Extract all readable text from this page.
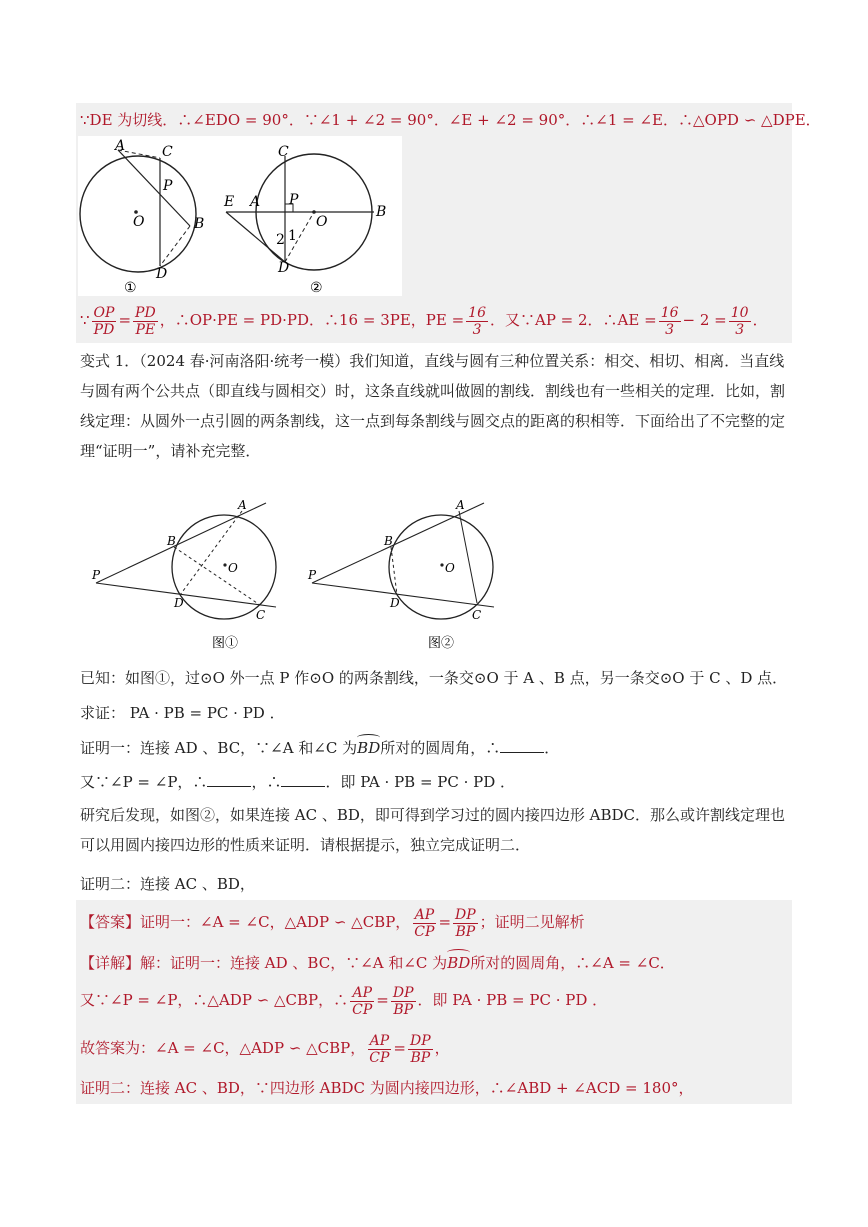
∵DE 为切线．∴∠EDO = 90°．∵∠1 + ∠2 = 90°．∠E + ∠2 = 90°．∴∠1 = ∠E．∴△OPD ∽ △DPE．
A	C
P
O	B
D
①
E A
C
P
O
B
2 1
D
②
∵ $\frac{OP}{PD} = \frac{PD}{PE}$ ，∴OP·PE = PD·PD．∴16 = 3PE，PE = $\frac{16}{3}$ ．又∵AP = 2．∴AE = $\frac{16}{3} - 2 = \frac{10}{3}$ ．
变式 1．（2024 春·河南洛阳·统考一模）我们知道，直线与圆有三种位置关系：相交、相切、相离．当直线与圆有两个公共点（即直线与圆相交）时，这条直线就叫做圆的割线．割线也有一些相关的定理．比如，割线定理：从圆外一点引圆的两条割线，这一点到每条割线与圆交点的距离的积相等．下面给出了不完整的定理“证明一”，请补充完整．
A
B
O
P
D
C
图①
A
B
O
P
D
C
图②
已知：如图①，过⊙O 外一点 P 作⊙O 的两条割线，一条交⊙O 于 A 、B 点，另一条交⊙O 于 C 、D 点．
求证： PA · PB = PC · PD ．
证明一：连接 AD 、BC，∵∠A 和∠C 为BD所对的圆周角，∴	．
又∵∠P = ∠P，∴	，∴	．即 PA · PB = PC · PD ．
研究后发现，如图②，如果连接 AC 、BD，即可得到学习过的圆内接四边形 ABDC．那么或许割线定理也可以用圆内接四边形的性质来证明．请根据提示，独立完成证明二．
证明二：连接 AC 、BD，
【答案】证明一：∠A = ∠C，△ADP ∽ △CBP， $\frac{AP}{CP} = \frac{DP}{BP}$ ；证明二见解析
【详解】解：证明一：连接 AD 、BC，∵∠A 和∠C 为BD所对的圆周角，∴∠A = ∠C．
又∵∠P = ∠P，∴△ADP ∽ △CBP，∴ $\frac{AP}{CP} = \frac{DP}{BP}$ ．即 PA · PB = PC · PD ．
故答案为：∠A = ∠C，△ADP ∽ △CBP， $\frac{AP}{CP} = \frac{DP}{BP}$ ，
证明二：连接 AC 、BD，∵四边形 ABDC 为圆内接四边形，∴∠ABD + ∠ACD = 180°，
